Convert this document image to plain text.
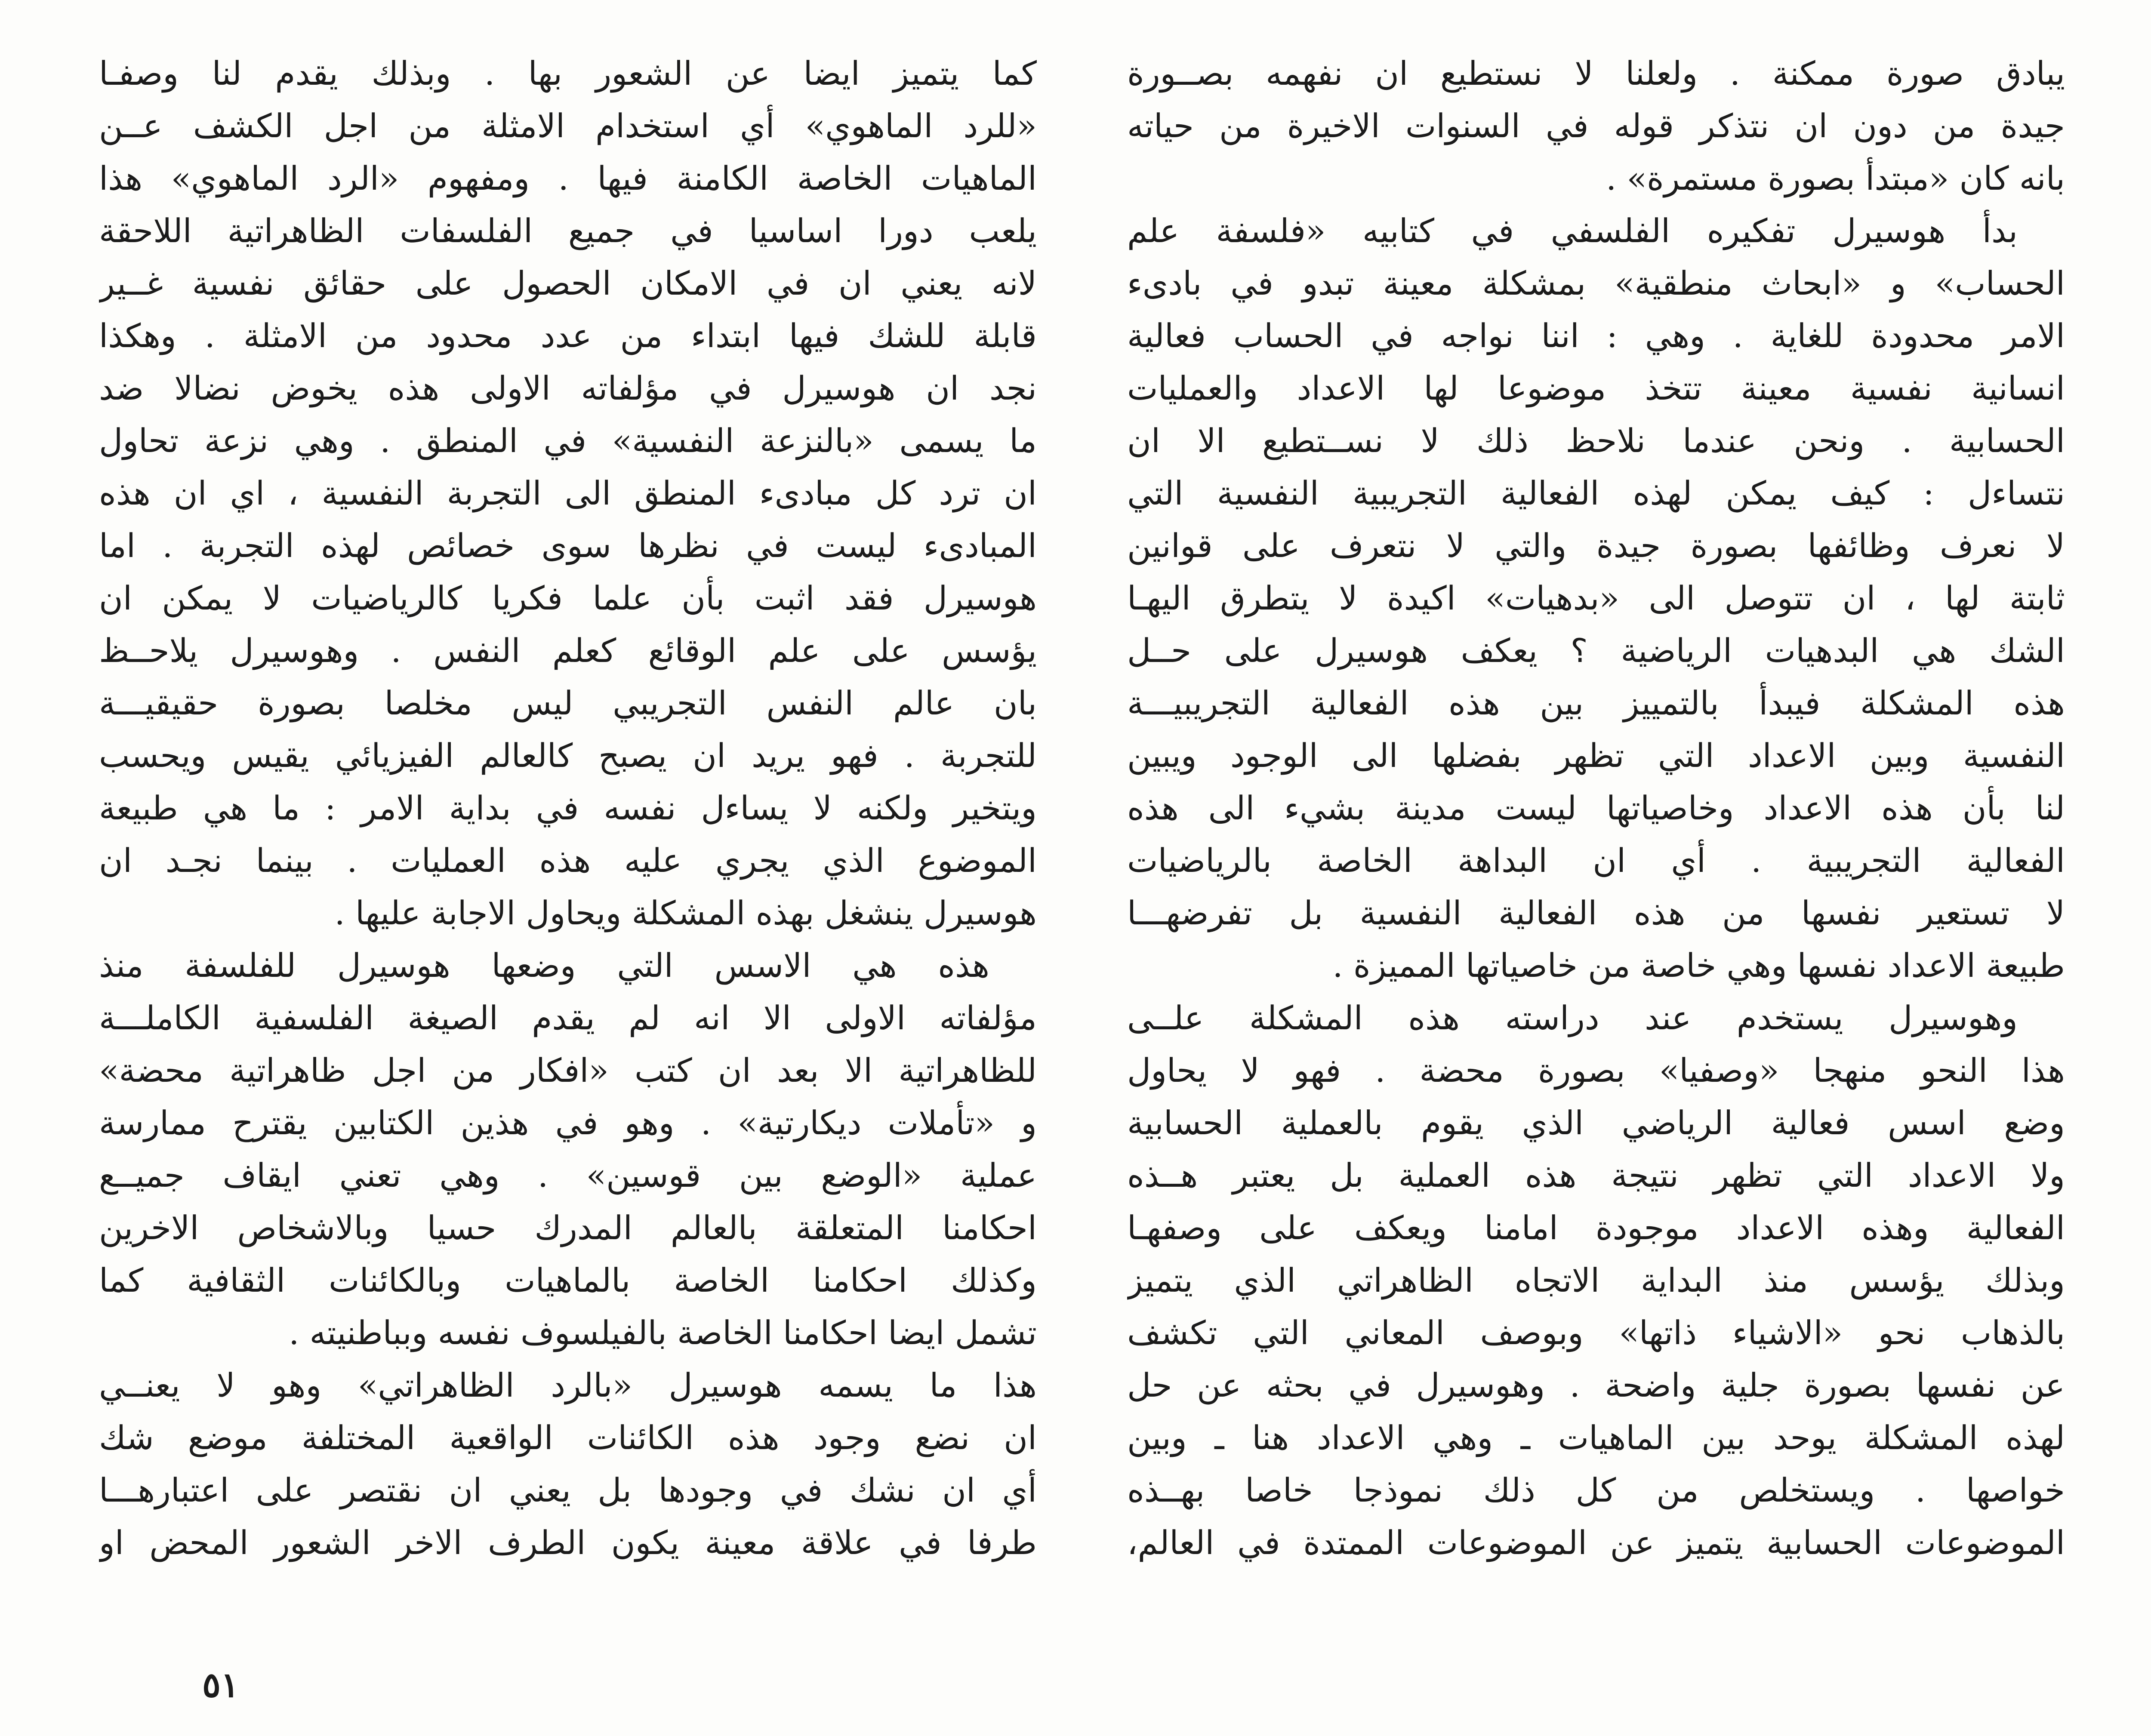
يبادق صورة ممكنة . ولعلنا لا نستطيع ان نفهمه بصــورة
جيدة من دون ان نتذكر قوله في السنوات الاخيرة من حياته
بانه كان «مبتدأ بصورة مستمرة» .
بدأ هوسيرل تفكيره الفلسفي في كتابيه «فلسفة علم
الحساب» و «ابحاث منطقية» بمشكلة معينة تبدو في بادىء
الامر محدودة للغاية . وهي : اننا نواجه في الحساب فعالية
انسانية نفسية معينة تتخذ موضوعا لها الاعداد والعمليات
الحسابية . ونحن عندما نلاحظ ذلك لا نســتطيع الا ان
نتساءل : كيف يمكن لهذه الفعالية التجريبية النفسية التي
لا نعرف وظائفها بصورة جيدة والتي لا نتعرف على قوانين
ثابتة لها ، ان تتوصل الى «بدهيات» اكيدة لا يتطرق اليهـا
الشك هي البدهيات الرياضية ؟ يعكف هوسيرل على حــل
هذه المشكلة فيبدأ بالتمييز بين هذه الفعالية التجريبيـــة
النفسية وبين الاعداد التي تظهر بفضلها الى الوجود ويبين
لنا بأن هذه الاعداد وخاصياتها ليست مدينة بشيء الى هذه
الفعالية التجريبية . أي ان البداهة الخاصة بالرياضيات
لا تستعير نفسها من هذه الفعالية النفسية بل تفرضهـــا
طبيعة الاعداد نفسها وهي خاصة من خاصياتها المميزة .
وهوسيرل يستخدم عند دراسته هذه المشكلة علــى
هذا النحو منهجا «وصفيا» بصورة محضة . فهو لا يحاول
وضع اسس فعالية الرياضي الذي يقوم بالعملية الحسابية
ولا الاعداد التي تظهر نتيجة هذه العملية بل يعتبر هــذه
الفعالية وهذه الاعداد موجودة امامنا ويعكف على وصفهـا
وبذلك يؤسس منذ البداية الاتجاه الظاهراتي الذي يتميز
بالذهاب نحو «الاشياء ذاتها» وبوصف المعاني التي تكشف
عن نفسها بصورة جلية واضحة . وهوسيرل في بحثه عن حل
لهذه المشكلة يوحد بين الماهيات ـ وهي الاعداد هنا ـ وبين
خواصها . ويستخلص من كل ذلك نموذجا خاصا بهــذه
الموضوعات الحسابية يتميز عن الموضوعات الممتدة في العالم،
كما يتميز ايضا عن الشعور بها . وبذلك يقدم لنا وصفـا
«للرد الماهوي» أي استخدام الامثلة من اجل الكشف عــن
الماهيات الخاصة الكامنة فيها . ومفهوم «الرد الماهوي» هذا
يلعب دورا اساسيا في جميع الفلسفات الظاهراتية اللاحقة
لانه يعني ان في الامكان الحصول على حقائق نفسية غــير
قابلة للشك فيها ابتداء من عدد محدود من الامثلة . وهكذا
نجد ان هوسيرل في مؤلفاته الاولى هذه يخوض نضالا ضد
ما يسمى «بالنزعة النفسية» في المنطق . وهي نزعة تحاول
ان ترد كل مبادىء المنطق الى التجربة النفسية ، اي ان هذه
المبادىء ليست في نظرها سوى خصائص لهذه التجربة . اما
هوسيرل فقد اثبت بأن علما فكريا كالرياضيات لا يمكن ان
يؤسس على علم الوقائع كعلم النفس . وهوسيرل يلاحــظ
بان عالم النفس التجريبي ليس مخلصا بصورة حقيقيـــة
للتجربة . فهو يريد ان يصبح كالعالم الفيزيائي يقيس ويحسب
ويتخير ولكنه لا يساءل نفسه في بداية الامر : ما هي طبيعة
الموضوع الذي يجري عليه هذه العمليات . بينما نجـد ان
هوسيرل ينشغل بهذه المشكلة ويحاول الاجابة عليها .
هذه هي الاسس التي وضعها هوسيرل للفلسفة منذ
مؤلفاته الاولى الا انه لم يقدم الصيغة الفلسفية الكاملـــة
للظاهراتية الا بعد ان كتب «افكار من اجل ظاهراتية محضة»
و «تأملات ديكارتية» . وهو في هذين الكتابين يقترح ممارسة
عملية «الوضع بين قوسين» . وهي تعني ايقاف جميــع
احكامنا المتعلقة بالعالم المدرك حسيا وبالاشخاص الاخرين
وكذلك احكامنا الخاصة بالماهيات وبالكائنات الثقافية كما
تشمل ايضا احكامنا الخاصة بالفيلسوف نفسه وبباطنيته .
هذا ما يسمه هوسيرل «بالرد الظاهراتي» وهو لا يعنــي
ان نضع وجود هذه الكائنات الواقعية المختلفة موضع شك
أي ان نشك في وجودها بل يعني ان نقتصر على اعتبارهـــا
طرفا في علاقة معينة يكون الطرف الاخر الشعور المحض او
٥١
